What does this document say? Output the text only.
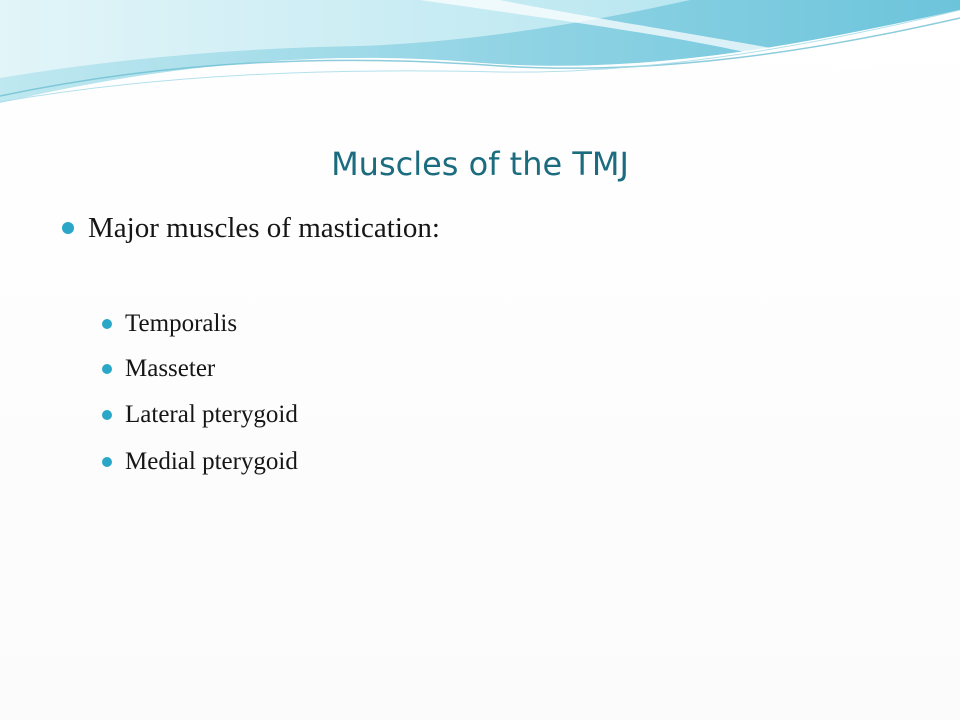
Muscles of the TMJ
Major muscles of mastication:
Temporalis
Masseter
Lateral pterygoid
Medial pterygoid
